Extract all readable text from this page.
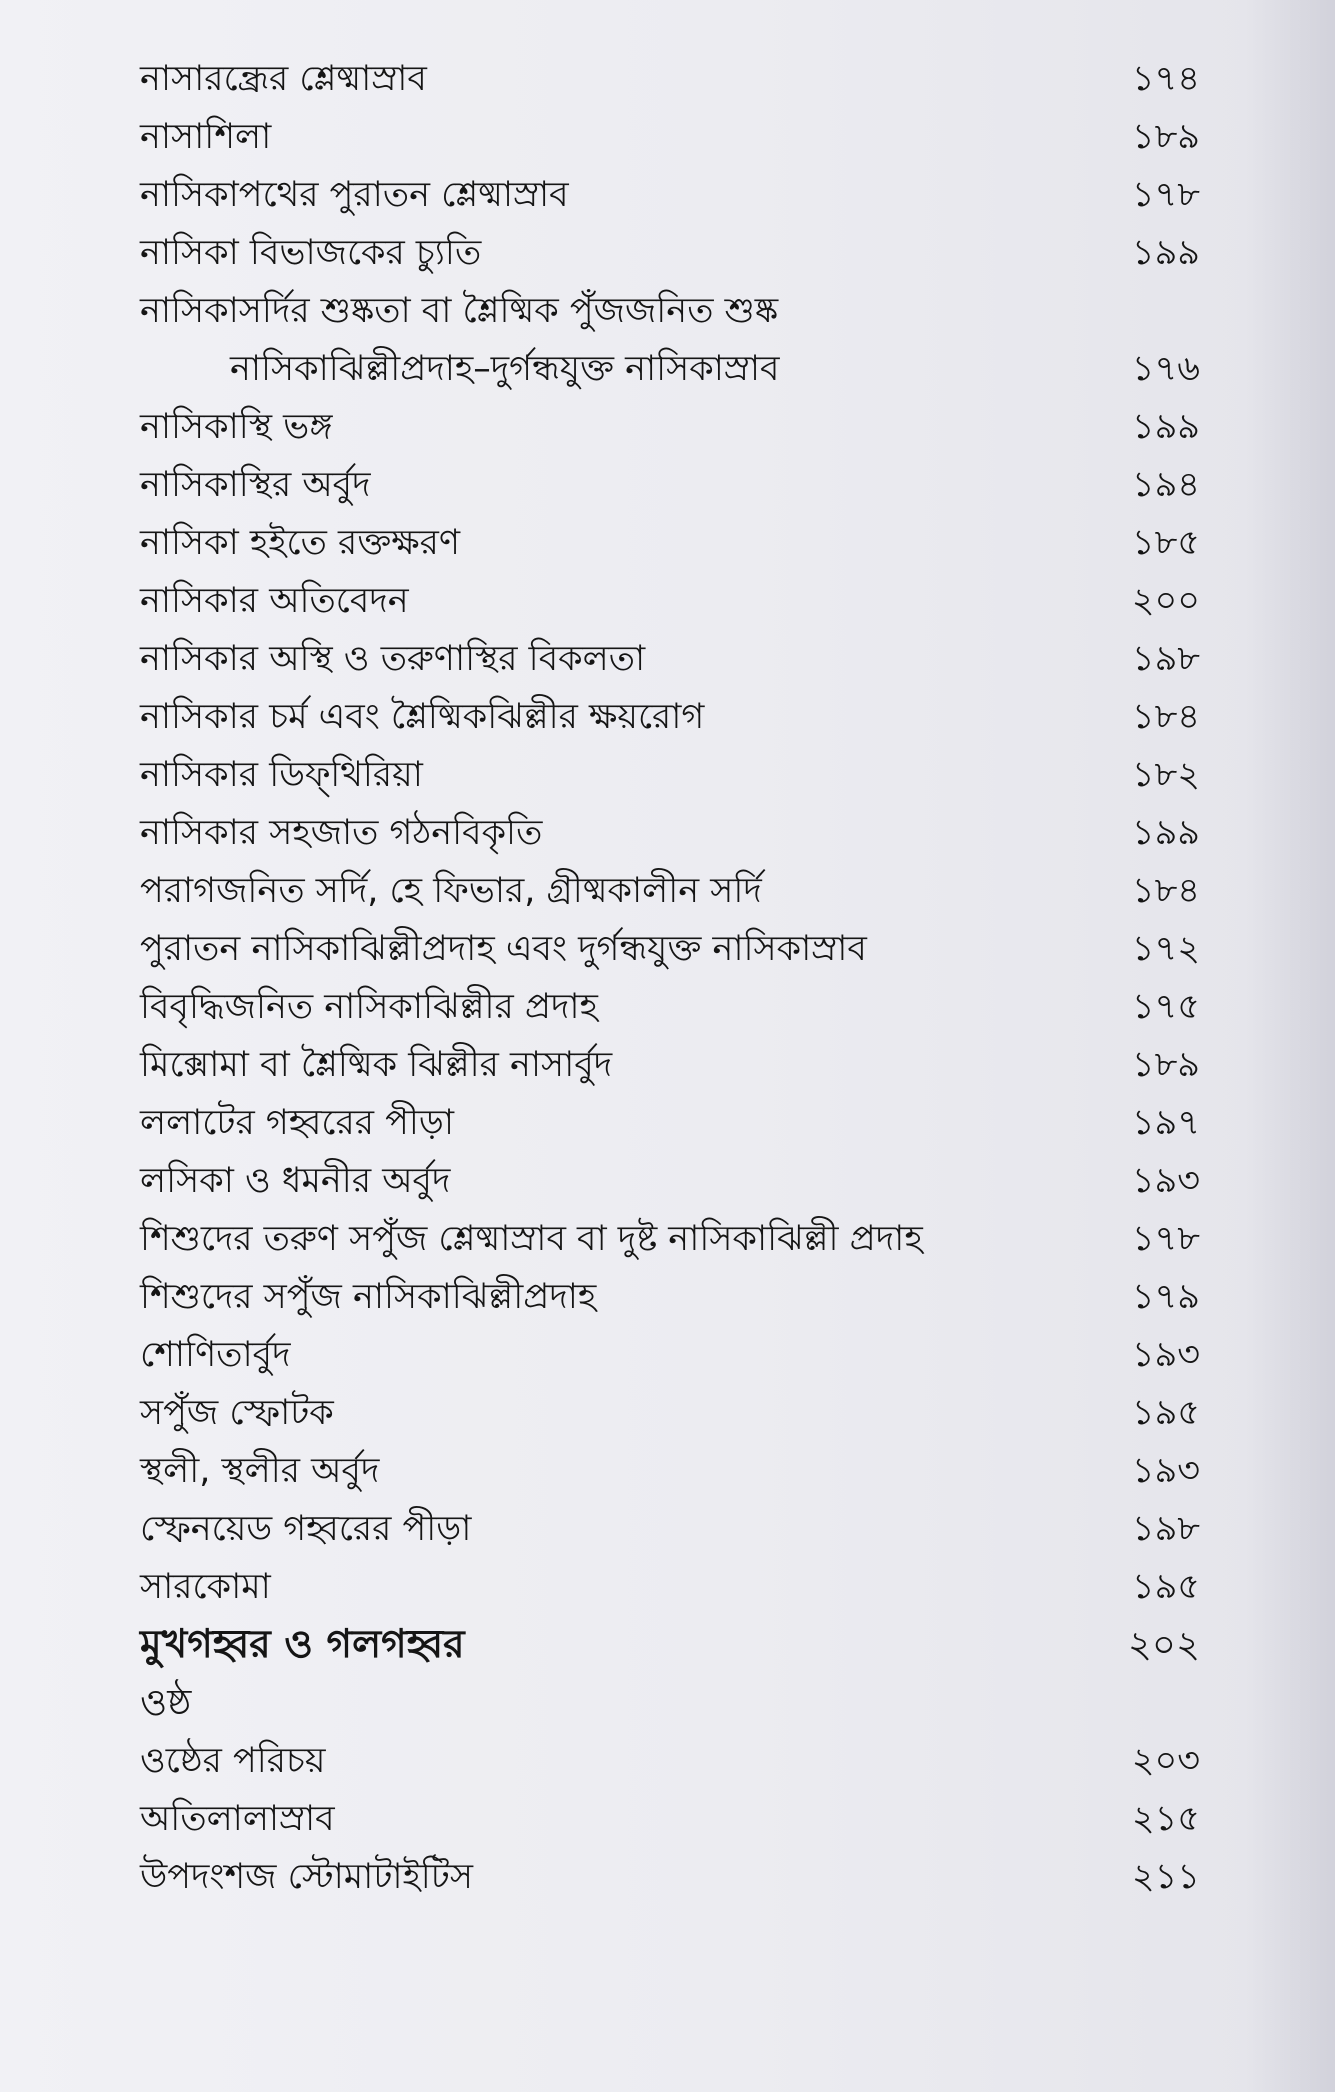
নাসারন্ধ্রের শ্লেষ্মাস্রাব	১৭৪
নাসাশিলা	১৮৯
নাসিকাপথের পুরাতন শ্লেষ্মাস্রাব	১৭৮
নাসিকা বিভাজকের চ্যুতি	১৯৯
নাসিকাসর্দির শুষ্কতা বা শ্লৈষ্মিক পুঁজজনিত শুষ্ক
নাসিকাঝিল্লীপ্রদাহ–দুর্গন্ধযুক্ত নাসিকাস্রাব	১৭৬
নাসিকাস্থি ভঙ্গ	১৯৯
নাসিকাস্থির অর্বুদ	১৯৪
নাসিকা হইতে রক্তক্ষরণ	১৮৫
নাসিকার অতিবেদন	২০০
নাসিকার অস্থি ও তরুণাস্থির বিকলতা	১৯৮
নাসিকার চর্ম এবং শ্লৈষ্মিকঝিল্লীর ক্ষয়রোগ	১৮৪
নাসিকার ডিফ্‌থিরিয়া	১৮২
নাসিকার সহজাত গঠনবিকৃতি	১৯৯
পরাগজনিত সর্দি, হে ফিভার, গ্রীষ্মকালীন সর্দি	১৮৪
পুরাতন নাসিকাঝিল্লীপ্রদাহ এবং দুর্গন্ধযুক্ত নাসিকাস্রাব	১৭২
বিবৃদ্ধিজনিত নাসিকাঝিল্লীর প্রদাহ	১৭৫
মিক্সোমা বা শ্লৈষ্মিক ঝিল্লীর নাসার্বুদ	১৮৯
ললাটের গহ্বরের পীড়া	১৯৭
লসিকা ও ধমনীর অর্বুদ	১৯৩
শিশুদের তরুণ সপুঁজ শ্লেষ্মাস্রাব বা দুষ্ট নাসিকাঝিল্লী প্রদাহ	১৭৮
শিশুদের সপুঁজ নাসিকাঝিল্লীপ্রদাহ	১৭৯
শোণিতার্বুদ	১৯৩
সপুঁজ স্ফোটক	১৯৫
স্থলী, স্থলীর অর্বুদ	১৯৩
স্ফেনয়েড গহ্বরের পীড়া	১৯৮
সারকোমা	১৯৫
মুখগহ্বর ও গলগহ্বর	২০২
ওষ্ঠ
ওষ্ঠের পরিচয়	২০৩
অতিলালাস্রাব	২১৫
উপদংশজ স্টোমাটাইটিস	২১১
